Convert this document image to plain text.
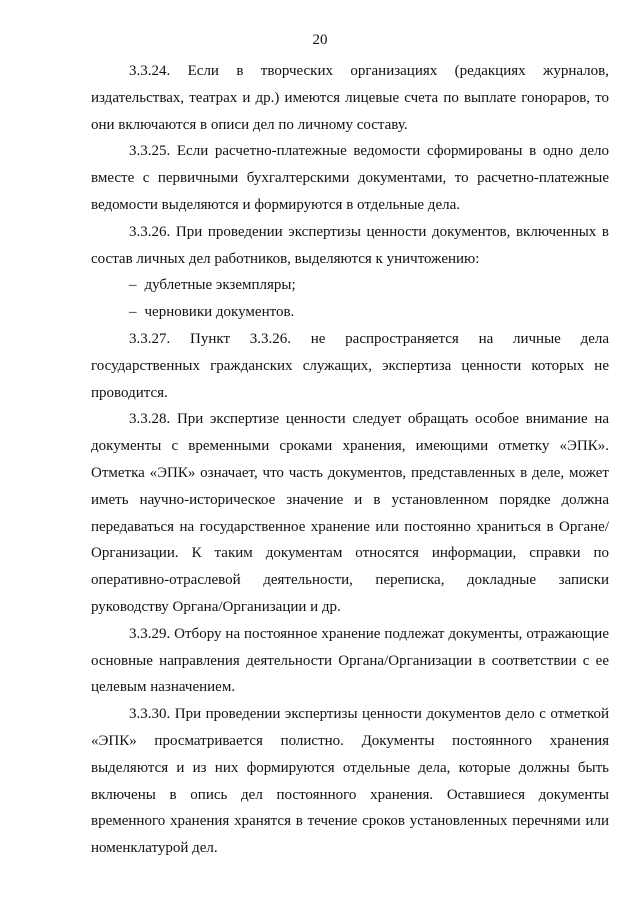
20

3.3.24. Если в творческих организациях (редакциях журналов, издательствах, театрах и др.) имеются лицевые счета по выплате гонораров, то они включаются в описи дел по личному составу.

3.3.25. Если расчетно-платежные ведомости сформированы в одно дело вместе с первичными бухгалтерскими документами, то расчетно-платежные ведомости выделяются и формируются в отдельные дела.

3.3.26. При проведении экспертизы ценности документов, включенных в состав личных дел работников, выделяются к уничтожению:

– дублетные экземпляры;
– черновики документов.

3.3.27. Пункт 3.3.26. не распространяется на личные дела государственных гражданских служащих, экспертиза ценности которых не проводится.

3.3.28. При экспертизе ценности следует обращать особое внимание на документы с временными сроками хранения, имеющими отметку «ЭПК». Отметка «ЭПК» означает, что часть документов, представленных в деле, может иметь научно-историческое значение и в установленном порядке должна передаваться на государственное хранение или постоянно храниться в Органе/Организации. К таким документам относятся информации, справки по оперативно-отраслевой деятельности, переписка, докладные записки руководству Органа/Организации и др.

3.3.29. Отбору на постоянное хранение подлежат документы, отражающие основные направления деятельности Органа/Организации в соответствии с ее целевым назначением.

3.3.30. При проведении экспертизы ценности документов дело с отметкой «ЭПК» просматривается полистно. Документы постоянного хранения выделяются и из них формируются отдельные дела, которые должны быть включены в опись дел постоянного хранения. Оставшиеся документы временного хранения хранятся в течение сроков установленных перечнями или номенклатурой дел.
